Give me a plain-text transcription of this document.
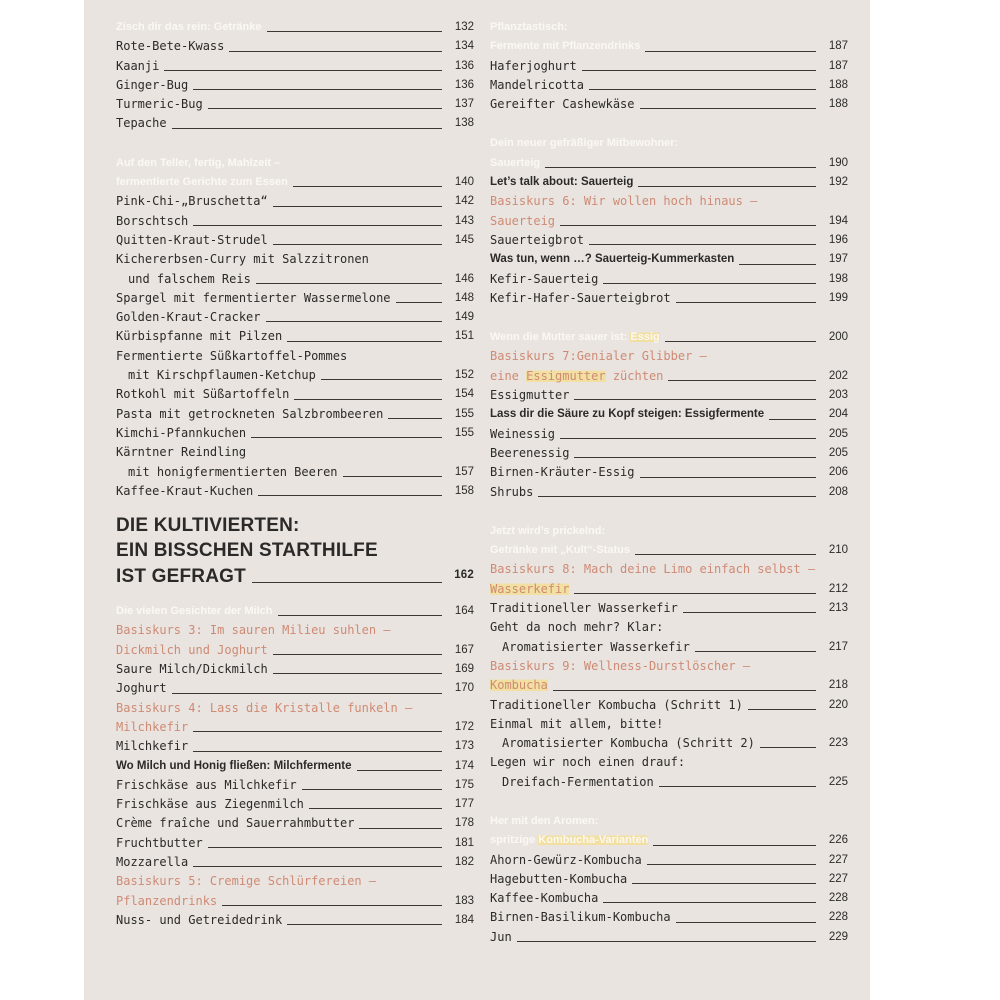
Zisch dir das rein: Getränke	132
Rote-Bete-Kwass	134
Kaanji	136
Ginger-Bug	136
Turmeric-Bug	137
Tepache	138
Auf den Teller, fertig, Mahlzeit –
fermentierte Gerichte zum Essen	140
Pink-Chi-„Bruschetta“	142
Borschtsch	143
Quitten-Kraut-Strudel	145
Kichererbsen-Curry mit Salzzitronen
und falschem Reis	146
Spargel mit fermentierter Wassermelone	148
Golden-Kraut-Cracker	149
Kürbispfanne mit Pilzen	151
Fermentierte Süßkartoffel-Pommes
mit Kirschpflaumen-Ketchup	152
Rotkohl mit Süßartoffeln	154
Pasta mit getrockneten Salzbrombeeren	155
Kimchi-Pfannkuchen	155
Kärntner Reindling
mit honigfermentierten Beeren	157
Kaffee-Kraut-Kuchen	158
DIE KULTIVIERTEN:
EIN BISSCHEN STARTHILFE
IST GEFRAGT	162
Die vielen Gesichter der Milch	164
Basiskurs 3: Im sauren Milieu suhlen –
Dickmilch und Joghurt	167
Saure Milch/Dickmilch	169
Joghurt	170
Basiskurs 4: Lass die Kristalle funkeln –
Milchkefir	172
Milchkefir	173
Wo Milch und Honig fließen: Milchfermente	174
Frischkäse aus Milchkefir	175
Frischkäse aus Ziegenmilch	177
Crème fraîche und Sauerrahmbutter	178
Fruchtbutter	181
Mozzarella	182
Basiskurs 5: Cremige Schlürfereien –
Pflanzendrinks	183
Nuss- und Getreidedrink	184
Pflanztastisch:
Fermente mit Pflanzendrinks	187
Haferjoghurt	187
Mandelricotta	188
Gereifter Cashewkäse	188
Dein neuer gefräßiger Mitbewohner:
Sauerteig	190
Let’s talk about: Sauerteig	192
Basiskurs 6: Wir wollen hoch hinaus –
Sauerteig	194
Sauerteigbrot	196
Was tun, wenn …? Sauerteig-Kummerkasten	197
Kefir-Sauerteig	198
Kefir-Hafer-Sauerteigbrot	199
Wenn die Mutter sauer ist: Essig	200
Basiskurs 7:Genialer Glibber –
eine Essigmutter züchten	202
Essigmutter	203
Lass dir die Säure zu Kopf steigen: Essigfermente	204
Weinessig	205
Beerenessig	205
Birnen-Kräuter-Essig	206
Shrubs	208
Jetzt wird’s prickelnd:
Getränke mit „Kult“-Status	210
Basiskurs 8: Mach deine Limo einfach selbst –
Wasserkefir	212
Traditioneller Wasserkefir	213
Geht da noch mehr? Klar:
Aromatisierter Wasserkefir	217
Basiskurs 9: Wellness-Durstlöscher –
Kombucha	218
Traditioneller Kombucha (Schritt 1)	220
Einmal mit allem, bitte!
Aromatisierter Kombucha (Schritt 2)	223
Legen wir noch einen drauf:
Dreifach-Fermentation	225
Her mit den Aromen:
spritzige Kombucha-Varianten	226
Ahorn-Gewürz-Kombucha	227
Hagebutten-Kombucha	227
Kaffee-Kombucha	228
Birnen-Basilikum-Kombucha	228
Jun	229
